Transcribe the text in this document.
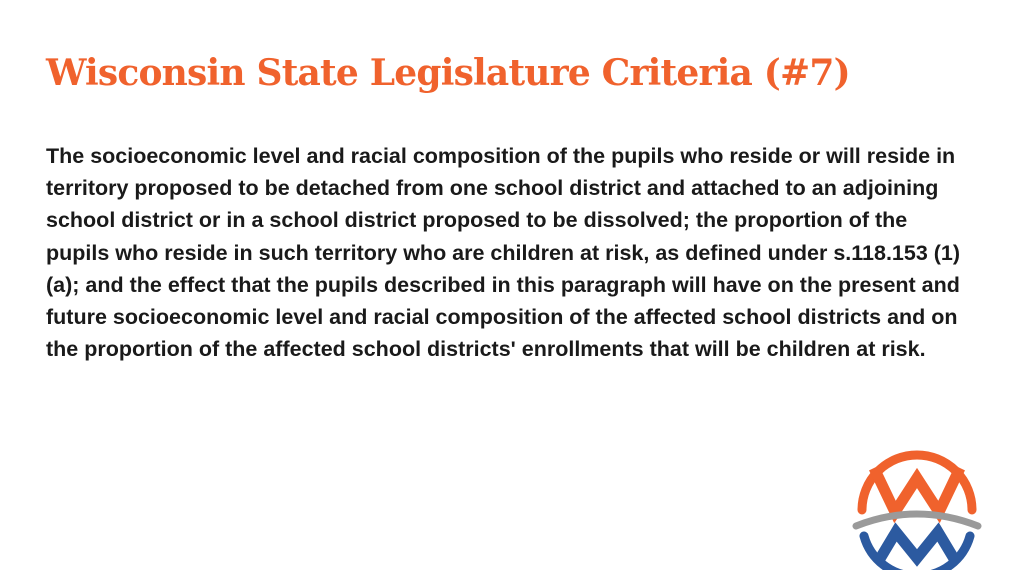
Wisconsin State Legislature Criteria (#7)

The socioeconomic level and racial composition of the pupils who reside or will reside in territory proposed to be detached from one school district and attached to an adjoining school district or in a school district proposed to be dissolved; the proportion of the pupils who reside in such territory who are children at risk, as defined under s.118.153 (1)(a); and the effect that the pupils described in this paragraph will have on the present and future socioeconomic level and racial composition of the affected school districts and on the proportion of the affected school districts' enrollments that will be children at risk.
